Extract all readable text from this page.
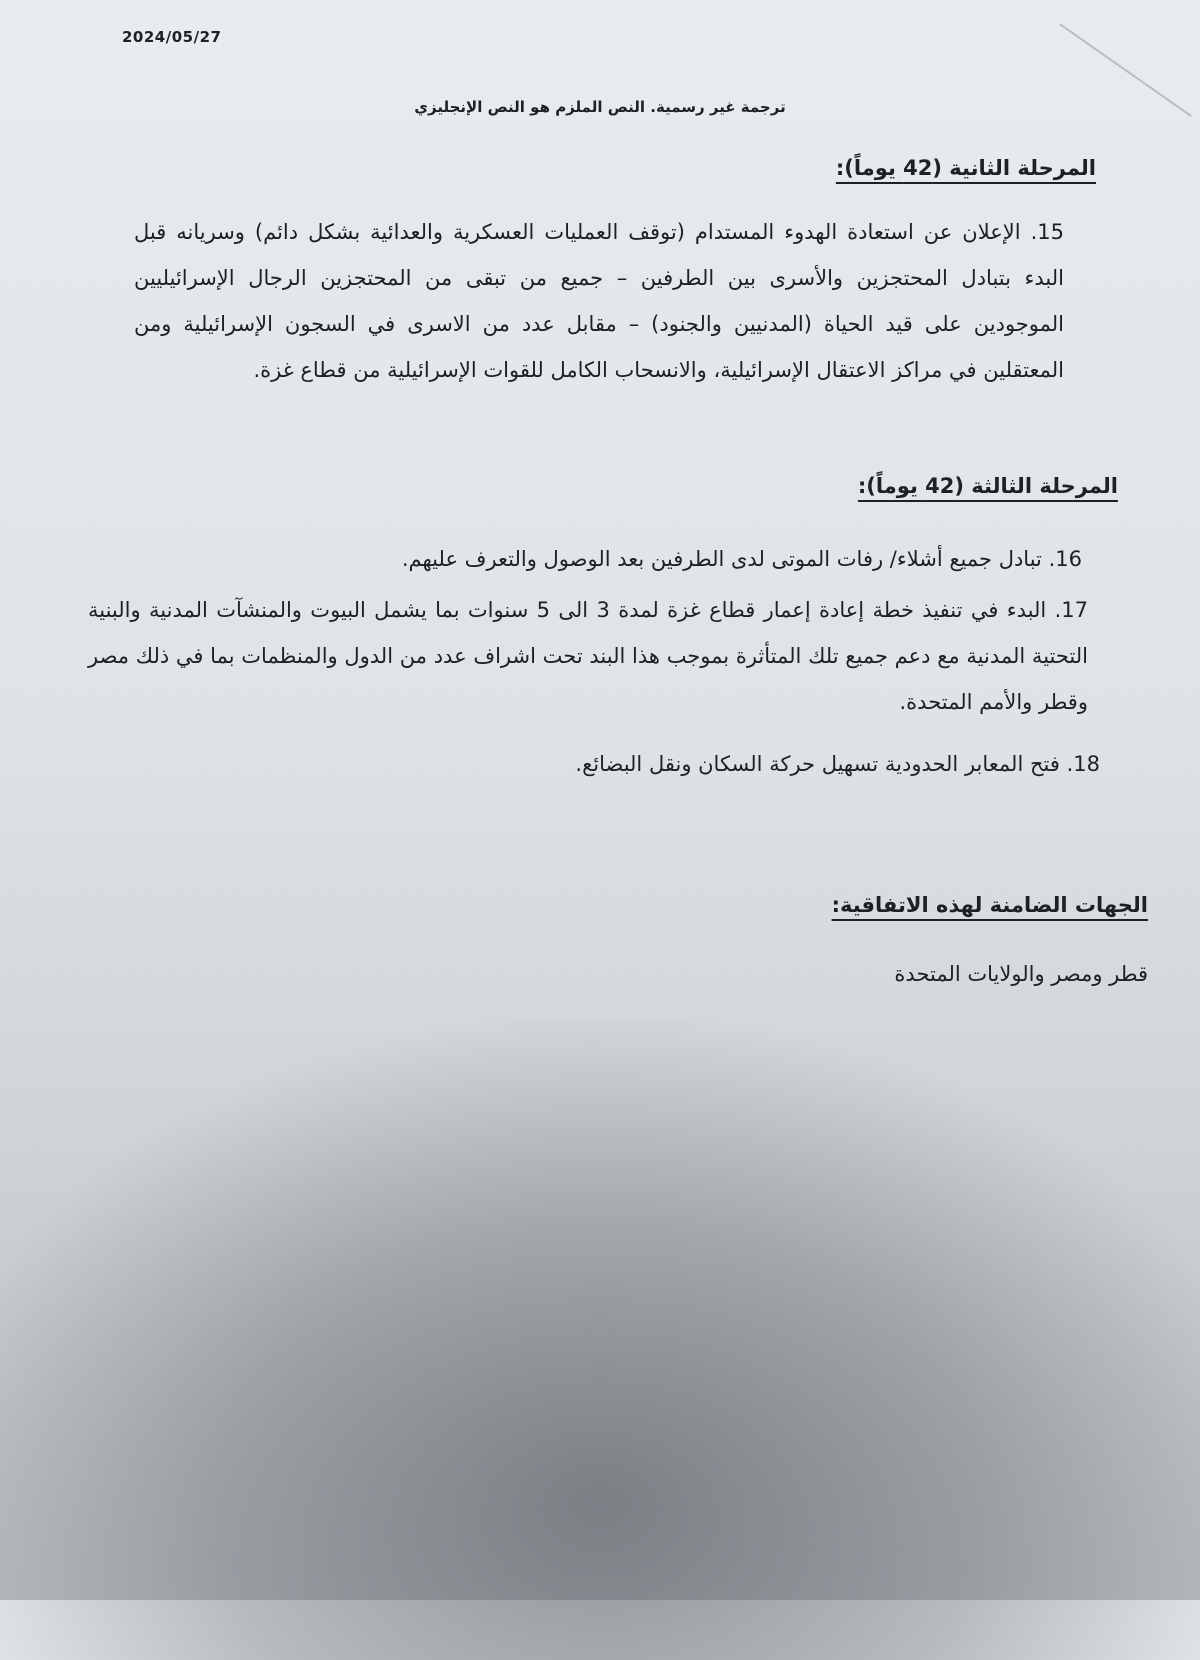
2024/05/27
ترجمة غير رسمية. النص الملزم هو النص الإنجليزي
المرحلة الثانية (42 يوماً):
15. الإعلان عن استعادة الهدوء المستدام (توقف العمليات العسكرية والعدائية بشكل دائم) وسريانه قبل البدء بتبادل المحتجزين والأسرى بين الطرفين – جميع من تبقى من المحتجزين الرجال الإسرائيليين الموجودين على قيد الحياة (المدنيين والجنود) – مقابل عدد من الاسرى في السجون الإسرائيلية ومن المعتقلين في مراكز الاعتقال الإسرائيلية، والانسحاب الكامل للقوات الإسرائيلية من قطاع غزة.
المرحلة الثالثة (42 يوماً):
16. تبادل جميع أشلاء/ رفات الموتى لدى الطرفين بعد الوصول والتعرف عليهم.
17. البدء في تنفيذ خطة إعادة إعمار قطاع غزة لمدة 3 الى 5 سنوات بما يشمل البيوت والمنشآت المدنية والبنية التحتية المدنية مع دعم جميع تلك المتأثرة بموجب هذا البند تحت اشراف عدد من الدول والمنظمات بما في ذلك مصر وقطر والأمم المتحدة.
18. فتح المعابر الحدودية تسهيل حركة السكان ونقل البضائع.
الجهات الضامنة لهذه الاتفاقية:
قطر ومصر والولايات المتحدة
